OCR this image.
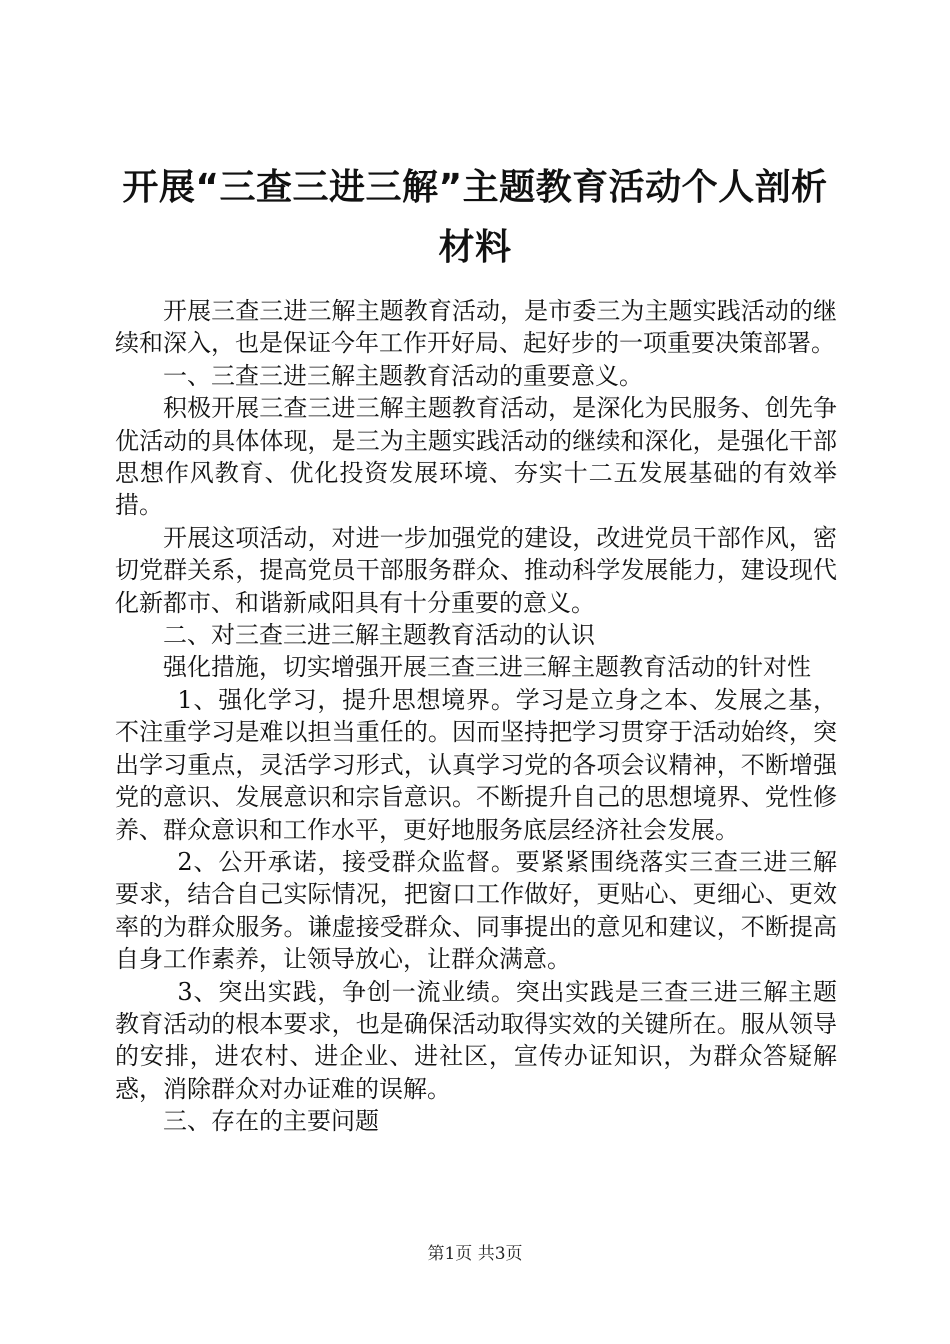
开展“三查三进三解”主题教育活动个人剖析
材料

开展三查三进三解主题教育活动，是市委三为主题实践活动的继续和深入，也是保证今年工作开好局、起好步的一项重要决策部署。

一、三查三进三解主题教育活动的重要意义。

积极开展三查三进三解主题教育活动，是深化为民服务、创先争优活动的具体体现，是三为主题实践活动的继续和深化，是强化干部思想作风教育、优化投资发展环境、夯实十二五发展基础的有效举措。

开展这项活动，对进一步加强党的建设，改进党员干部作风，密切党群关系，提高党员干部服务群众、推动科学发展能力，建设现代化新都市、和谐新咸阳具有十分重要的意义。

二、对三查三进三解主题教育活动的认识

强化措施，切实增强开展三查三进三解主题教育活动的针对性

1、强化学习，提升思想境界。学习是立身之本、发展之基，不注重学习是难以担当重任的。因而坚持把学习贯穿于活动始终，突出学习重点，灵活学习形式，认真学习党的各项会议精神，不断增强党的意识、发展意识和宗旨意识。不断提升自己的思想境界、党性修养、群众意识和工作水平，更好地服务底层经济社会发展。

2、公开承诺，接受群众监督。要紧紧围绕落实三查三进三解要求，结合自己实际情况，把窗口工作做好，更贴心、更细心、更效率的为群众服务。谦虚接受群众、同事提出的意见和建议，不断提高自身工作素养，让领导放心，让群众满意。

3、突出实践，争创一流业绩。突出实践是三查三进三解主题教育活动的根本要求，也是确保活动取得实效的关键所在。服从领导的安排，进农村、进企业、进社区，宣传办证知识，为群众答疑解惑，消除群众对办证难的误解。

三、存在的主要问题

第1页 共3页
